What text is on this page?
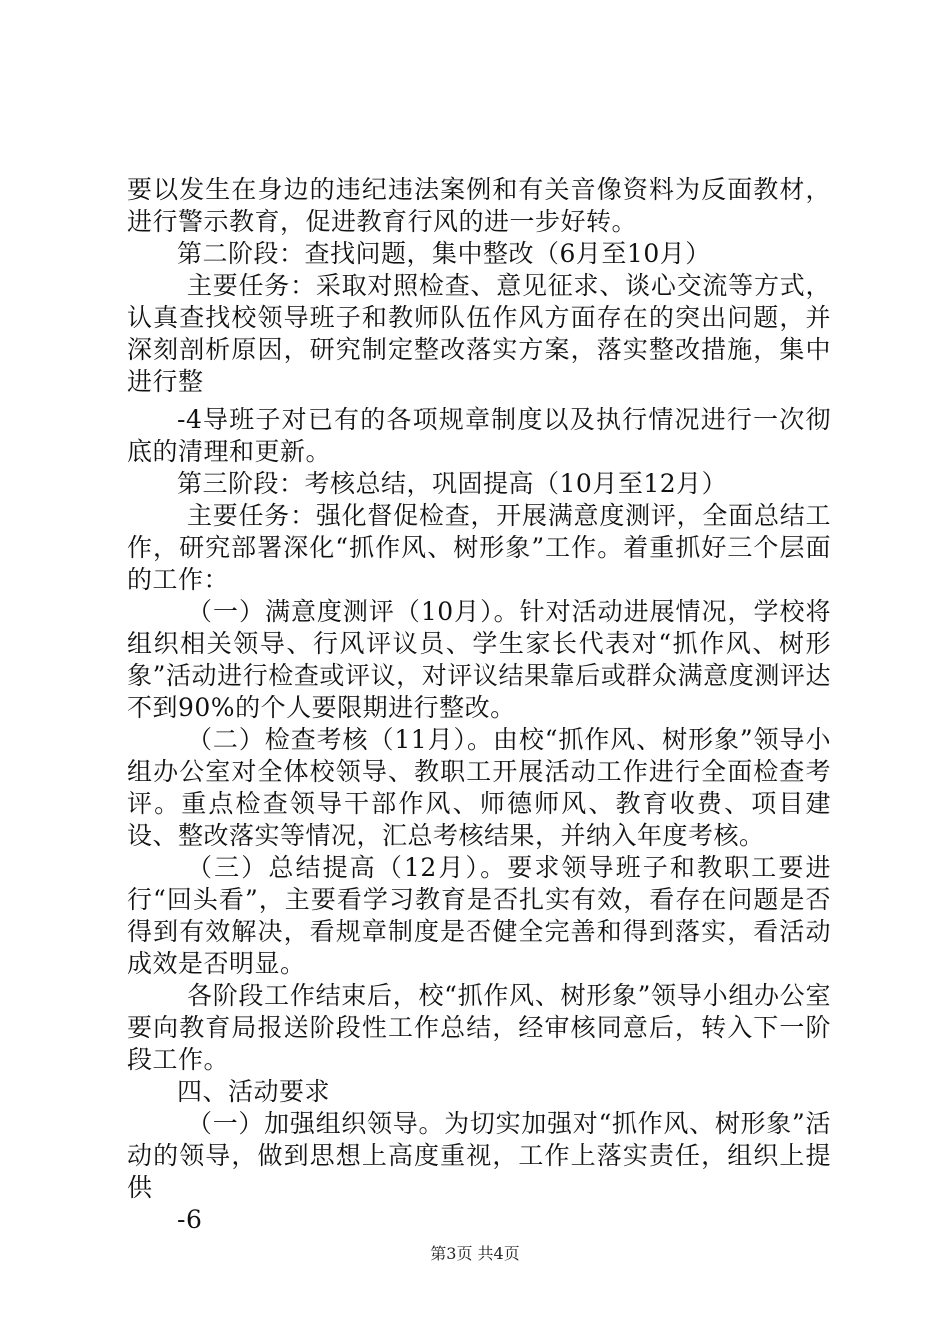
要以发生在身边的违纪违法案例和有关音像资料为反面教材，进行警示教育，促进教育行风的进一步好转。

第二阶段：查找问题，集中整改（6月至10月）

主要任务：采取对照检查、意见征求、谈心交流等方式，认真查找校领导班子和教师队伍作风方面存在的突出问题，并深刻剖析原因，研究制定整改落实方案，落实整改措施，集中进行整

-4导班子对已有的各项规章制度以及执行情况进行一次彻底的清理和更新。

第三阶段：考核总结，巩固提高（10月至12月）

主要任务：强化督促检查，开展满意度测评，全面总结工作，研究部署深化“抓作风、树形象”工作。着重抓好三个层面的工作：

（一）满意度测评（10月）。针对活动进展情况，学校将组织相关领导、行风评议员、学生家长代表对“抓作风、树形象”活动进行检查或评议，对评议结果靠后或群众满意度测评达不到90%的个人要限期进行整改。

（二）检查考核（11月）。由校“抓作风、树形象”领导小组办公室对全体校领导、教职工开展活动工作进行全面检查考评。重点检查领导干部作风、师德师风、教育收费、项目建设、整改落实等情况，汇总考核结果，并纳入年度考核。

（三）总结提高（12月）。要求领导班子和教职工要进行“回头看”，主要看学习教育是否扎实有效，看存在问题是否得到有效解决，看规章制度是否健全完善和得到落实，看活动成效是否明显。

各阶段工作结束后，校“抓作风、树形象”领导小组办公室要向教育局报送阶段性工作总结，经审核同意后，转入下一阶段工作。

四、活动要求

（一）加强组织领导。为切实加强对“抓作风、树形象”活动的领导，做到思想上高度重视，工作上落实责任，组织上提供

-6

第3页 共4页
